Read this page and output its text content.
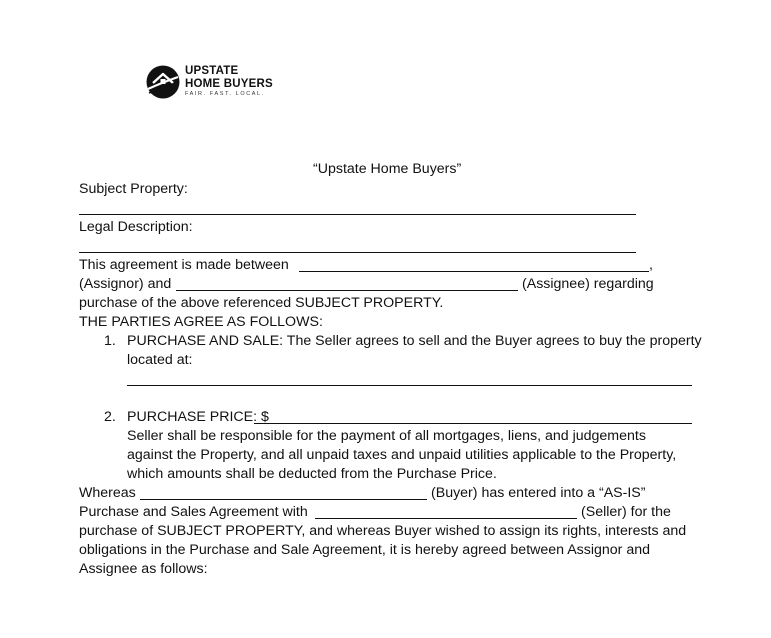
UPSTATE
HOME BUYERS
FAIR. FAST. LOCAL.
“Upstate Home Buyers”
Subject Property:
Legal Description:
This agreement is made between	,
(Assignor) and	(Assignee) regarding
purchase of the above referenced SUBJECT PROPERTY.
THE PARTIES AGREE AS FOLLOWS:
1. PURCHASE AND SALE: The Seller agrees to sell and the Buyer agrees to buy the property
located at:
2. PURCHASE PRICE: $
Seller shall be responsible for the payment of all mortgages, liens, and judgements
against the Property, and all unpaid taxes and unpaid utilities applicable to the Property,
which amounts shall be deducted from the Purchase Price.
Whereas	(Buyer) has entered into a “AS-IS”
Purchase and Sales Agreement with	(Seller) for the
purchase of SUBJECT PROPERTY, and whereas Buyer wished to assign its rights, interests and
obligations in the Purchase and Sale Agreement, it is hereby agreed between Assignor and
Assignee as follows:
